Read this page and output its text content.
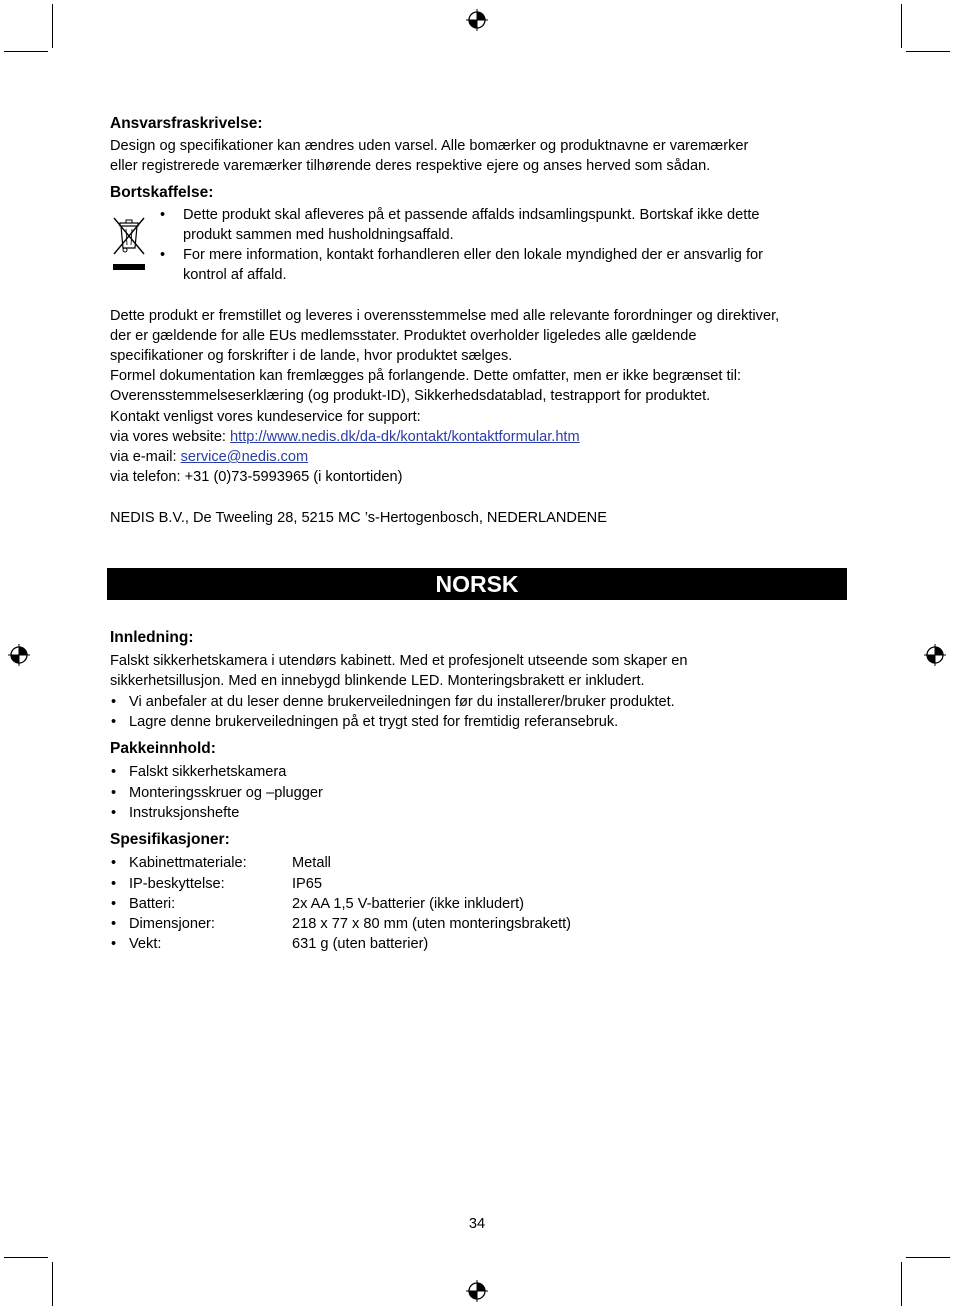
Ansvarsfraskrivelse:
Design og specifikationer kan ændres uden varsel. Alle bomærker og produktnavne er varemærker
eller registrerede varemærker tilhørende deres respektive ejere og anses herved som sådan.
Bortskaffelse:
• Dette produkt skal afleveres på et passende affalds indsamlingspunkt. Bortskaf ikke dette
produkt sammen med husholdningsaffald.
• For mere information, kontakt forhandleren eller den lokale myndighed der er ansvarlig for
kontrol af affald.
Dette produkt er fremstillet og leveres i overensstemmelse med alle relevante forordninger og direktiver,
der er gældende for alle EUs medlemsstater. Produktet overholder ligeledes alle gældende
specifikationer og forskrifter i de lande, hvor produktet sælges.
Formel dokumentation kan fremlægges på forlangende. Dette omfatter, men er ikke begrænset til:
Overensstemmelseserklæring (og produkt-ID), Sikkerhedsdatablad, testrapport for produktet.
Kontakt venligst vores kundeservice for support:
via vores website: http://www.nedis.dk/da-dk/kontakt/kontaktformular.htm
via e-mail: service@nedis.com
via telefon: +31 (0)73-5993965 (i kontortiden)
NEDIS B.V., De Tweeling 28, 5215 MC ’s-Hertogenbosch, NEDERLANDENE
NORSK
Innledning:
Falskt sikkerhetskamera i utendørs kabinett. Med et profesjonelt utseende som skaper en
sikkerhetsillusjon. Med en innebygd blinkende LED. Monteringsbrakett er inkludert.
• Vi anbefaler at du leser denne brukerveiledningen før du installerer/bruker produktet.
• Lagre denne brukerveiledningen på et trygt sted for fremtidig referansebruk.
Pakkeinnhold:
• Falskt sikkerhetskamera
• Monteringsskruer og –plugger
• Instruksjonshefte
Spesifikasjoner:
• Kabinettmateriale:	Metall
• IP-beskyttelse:	IP65
• Batteri:	2x AA 1,5 V-batterier (ikke inkludert)
• Dimensjoner:	218 x 77 x 80 mm (uten monteringsbrakett)
• Vekt:	631 g (uten batterier)
34
